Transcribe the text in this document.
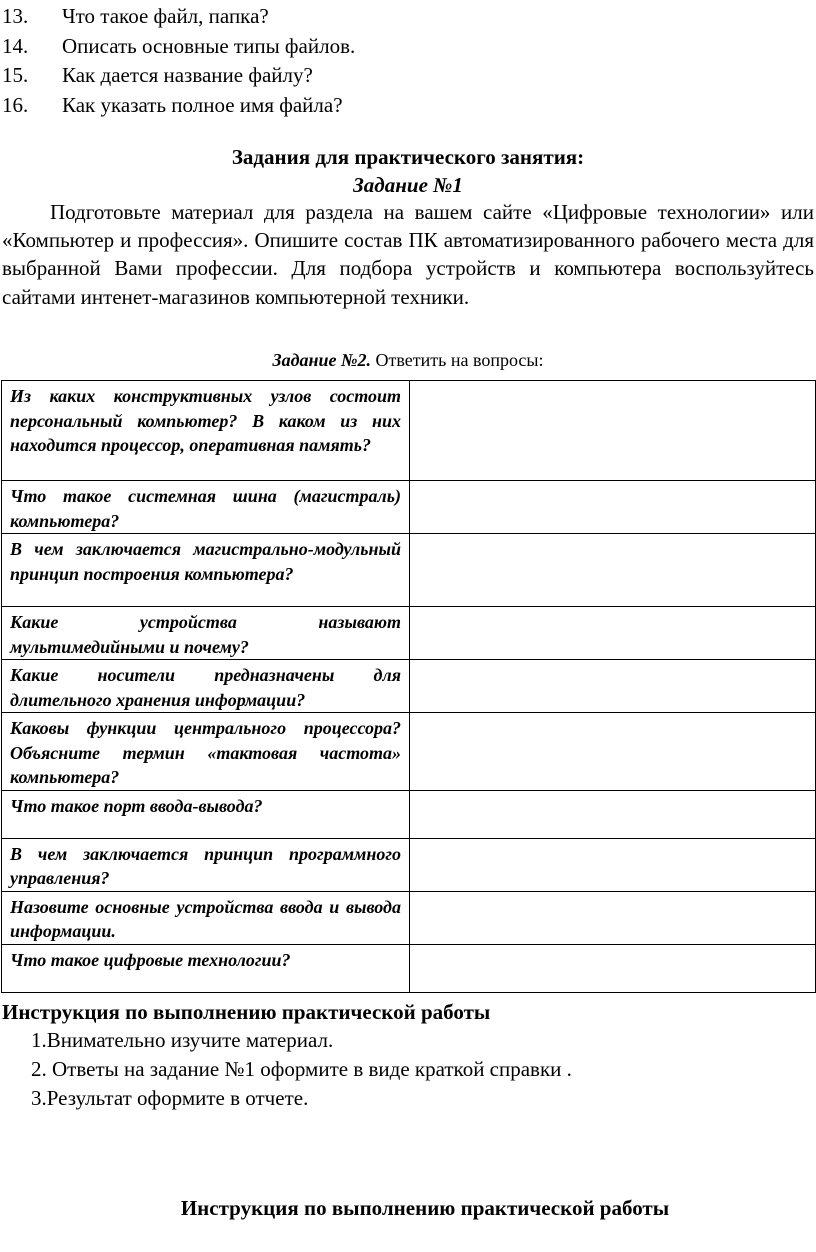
13. Что такое файл, папка?
14. Описать основные типы файлов.
15. Как дается название файлу?
16. Как указать полное имя файла?
Задания для практического занятия:
Задание №1
Подготовьте материал для раздела на вашем сайте «Цифровые технологии» или «Компьютер и профессия». Опишите состав ПК автоматизированного рабочего места для выбранной Вами профессии. Для подбора устройств и компьютера воспользуйтесь сайтами интенет-магазинов компьютерной техники.
Задание №2. Ответить на вопросы:
Из каких конструктивных узлов состоит персональный компьютер? В каком из них находится процессор, оперативная память?	
Что такое системная шина (магистраль) компьютера?	
В чем заключается магистрально-модульный принцип построения компьютера?	
Какие устройства называют мультимедийными и почему?	
Какие носители предназначены для длительного хранения информации?	
Каковы функции центрального процессора? Объясните термин «тактовая частота» компьютера?	
Что такое порт ввода-вывода?	
В чем заключается принцип программного управления?	
Назовите основные устройства ввода и вывода информации.	
Что такое цифровые технологии?	
Инструкция по выполнению практической работы
1.Внимательно изучите материал.
2. Ответы на задание №1 оформите в виде краткой справки .
3.Результат оформите в отчете.
Инструкция по выполнению практической работы
